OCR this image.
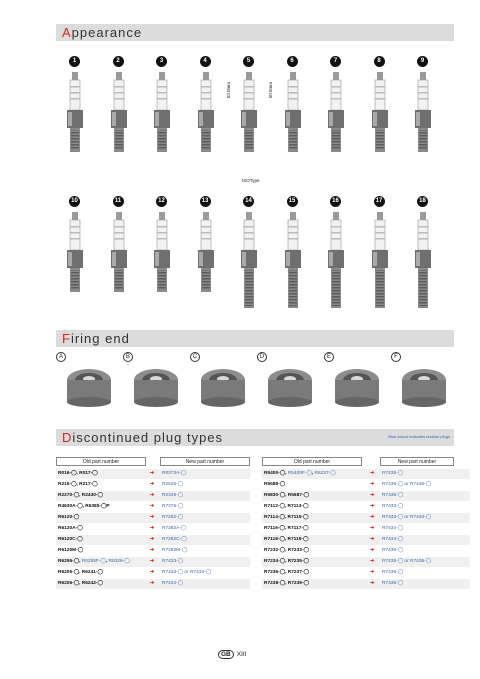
Appearance
1	2	3	4	5	6	7	8	9
53.0mm	50.5mm
ISOType
10	11	12	13	14	15	16	17	18
Firing end
A	B	C	D	E	F
Discontinued plug types	Blue colour indicates resistor plugs
Old part number	New part number
R016-◯, R017-◯	➜ R0373A-◯
R216-◯, R217-◯	➜ R2525-◯
R2270-◯, R2430-◯	➜ R2349-◯
R4630A-◯, R6385-◯P	➜ R7376-◯
R6120-◯	➜ R7282-◯
R6120A-◯	➜ R7282A-◯
R6120C-◯	➜ R7282C-◯
R6120M-◯	➜ R7282M-◯
R6255-◯, R6255F-◯, R6326-◯	➜ R7433-◯
R6205-◯, R6241-◯	➜ R7433-◯ or R7434-◯
R6206-◯, R6242-◯	➜ R7434-◯
Old part number	New part number
R5400-◯, R5400F-◯, R6237-◯	➜ R7435-◯
R5688-◯	➜ R7435-◯ or R7436-◯
R5830-◯, R5687-◯	➜ R7436-◯
R7112-◯, R7113-◯	➜ R7433-◯
R7114-◯, R7115-◯	➜ R7433-◯ or R7434-◯
R7116-◯, R7117-◯	➜ R7434-◯
R7118-◯, R7119-◯	➜ R7434-◯
R7232-◯, R7233-◯	➜ R7435-◯
R7234-◯, R7235-◯	➜ R7435-◯ or R7436-◯
R7236-◯, R7237-◯	➜ R7436-◯
R7238-◯, R7239-◯	➜ R7436-◯
GB XIII
